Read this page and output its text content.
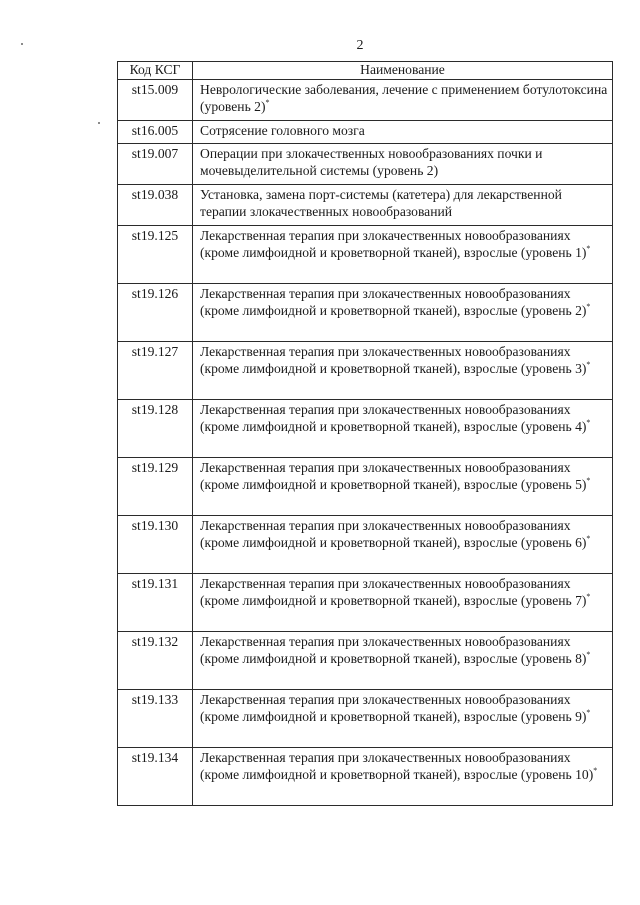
2
Код КСГ	Наименование
st15.009	Неврологические заболевания, лечение с применением ботулотоксина (уровень 2)*
st16.005	Сотрясение головного мозга
st19.007	Операции при злокачественных новообразованиях почки и мочевыделительной системы (уровень 2)
st19.038	Установка, замена порт-системы (катетера) для лекарственной терапии злокачественных новообразований
st19.125	Лекарственная терапия при злокачественных новообразованиях (кроме лимфоидной и кроветворной тканей), взрослые (уровень 1)*
st19.126	Лекарственная терапия при злокачественных новообразованиях (кроме лимфоидной и кроветворной тканей), взрослые (уровень 2)*
st19.127	Лекарственная терапия при злокачественных новообразованиях (кроме лимфоидной и кроветворной тканей), взрослые (уровень 3)*
st19.128	Лекарственная терапия при злокачественных новообразованиях (кроме лимфоидной и кроветворной тканей), взрослые (уровень 4)*
st19.129	Лекарственная терапия при злокачественных новообразованиях (кроме лимфоидной и кроветворной тканей), взрослые (уровень 5)*
st19.130	Лекарственная терапия при злокачественных новообразованиях (кроме лимфоидной и кроветворной тканей), взрослые (уровень 6)*
st19.131	Лекарственная терапия при злокачественных новообразованиях (кроме лимфоидной и кроветворной тканей), взрослые (уровень 7)*
st19.132	Лекарственная терапия при злокачественных новообразованиях (кроме лимфоидной и кроветворной тканей), взрослые (уровень 8)*
st19.133	Лекарственная терапия при злокачественных новообразованиях (кроме лимфоидной и кроветворной тканей), взрослые (уровень 9)*
st19.134	Лекарственная терапия при злокачественных новообразованиях (кроме лимфоидной и кроветворной тканей), взрослые (уровень 10)*
